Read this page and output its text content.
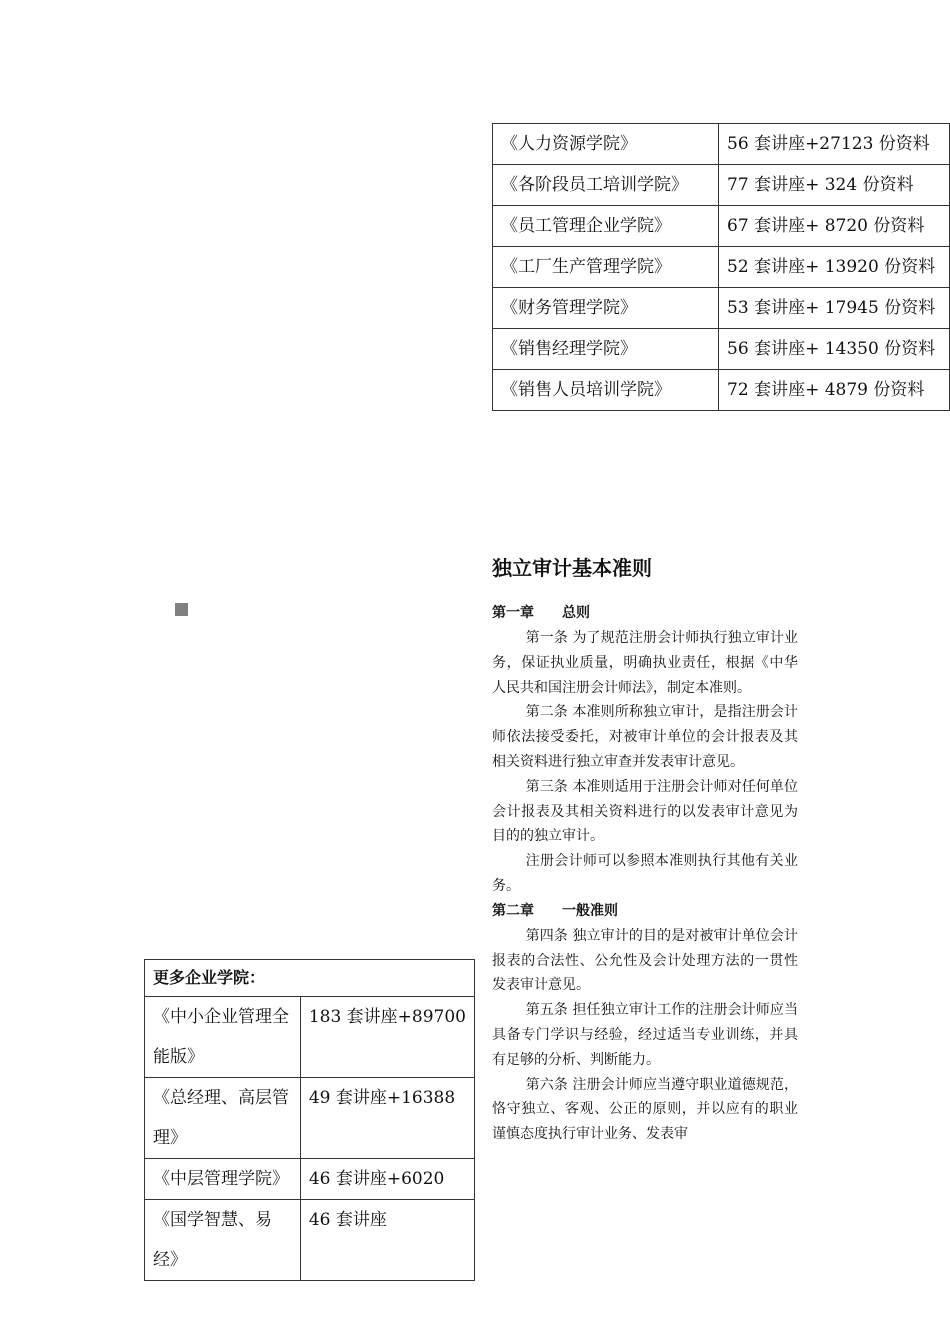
《人力资源学院》	56 套讲座+27123 份资料
《各阶段员工培训学院》	77 套讲座+ 324 份资料
《员工管理企业学院》	67 套讲座+ 8720 份资料
《工厂生产管理学院》	52 套讲座+ 13920 份资料
《财务管理学院》	53 套讲座+ 17945 份资料
《销售经理学院》	56 套讲座+ 14350 份资料
《销售人员培训学院》	72 套讲座+ 4879 份资料
更多企业学院：	
《中小企业管理全能版》	183 套讲座+89700
《总经理、高层管理》	49 套讲座+16388
《中层管理学院》	46 套讲座+6020
《国学智慧、易经》	46 套讲座
独立审计基本准则
第一章 总则

第一条 为了规范注册会计师执行独立审计业务，保证执业质量，明确执业责任，根据《中华人民共和国注册会计师法》，制定本准则。

第二条 本准则所称独立审计，是指注册会计师依法接受委托，对被审计单位的会计报表及其相关资料进行独立审查并发表审计意见。

第三条 本准则适用于注册会计师对任何单位会计报表及其相关资料进行的以发表审计意见为目的的独立审计。

注册会计师可以参照本准则执行其他有关业务。

第二章 一般准则

第四条 独立审计的目的是对被审计单位会计报表的合法性、公允性及会计处理方法的一贯性发表审计意见。

第五条 担任独立审计工作的注册会计师应当具备专门学识与经验，经过适当专业训练，并具有足够的分析、判断能力。

第六条 注册会计师应当遵守职业道德规范，恪守独立、客观、公正的原则，并以应有的职业谨慎态度执行审计业务、发表审
